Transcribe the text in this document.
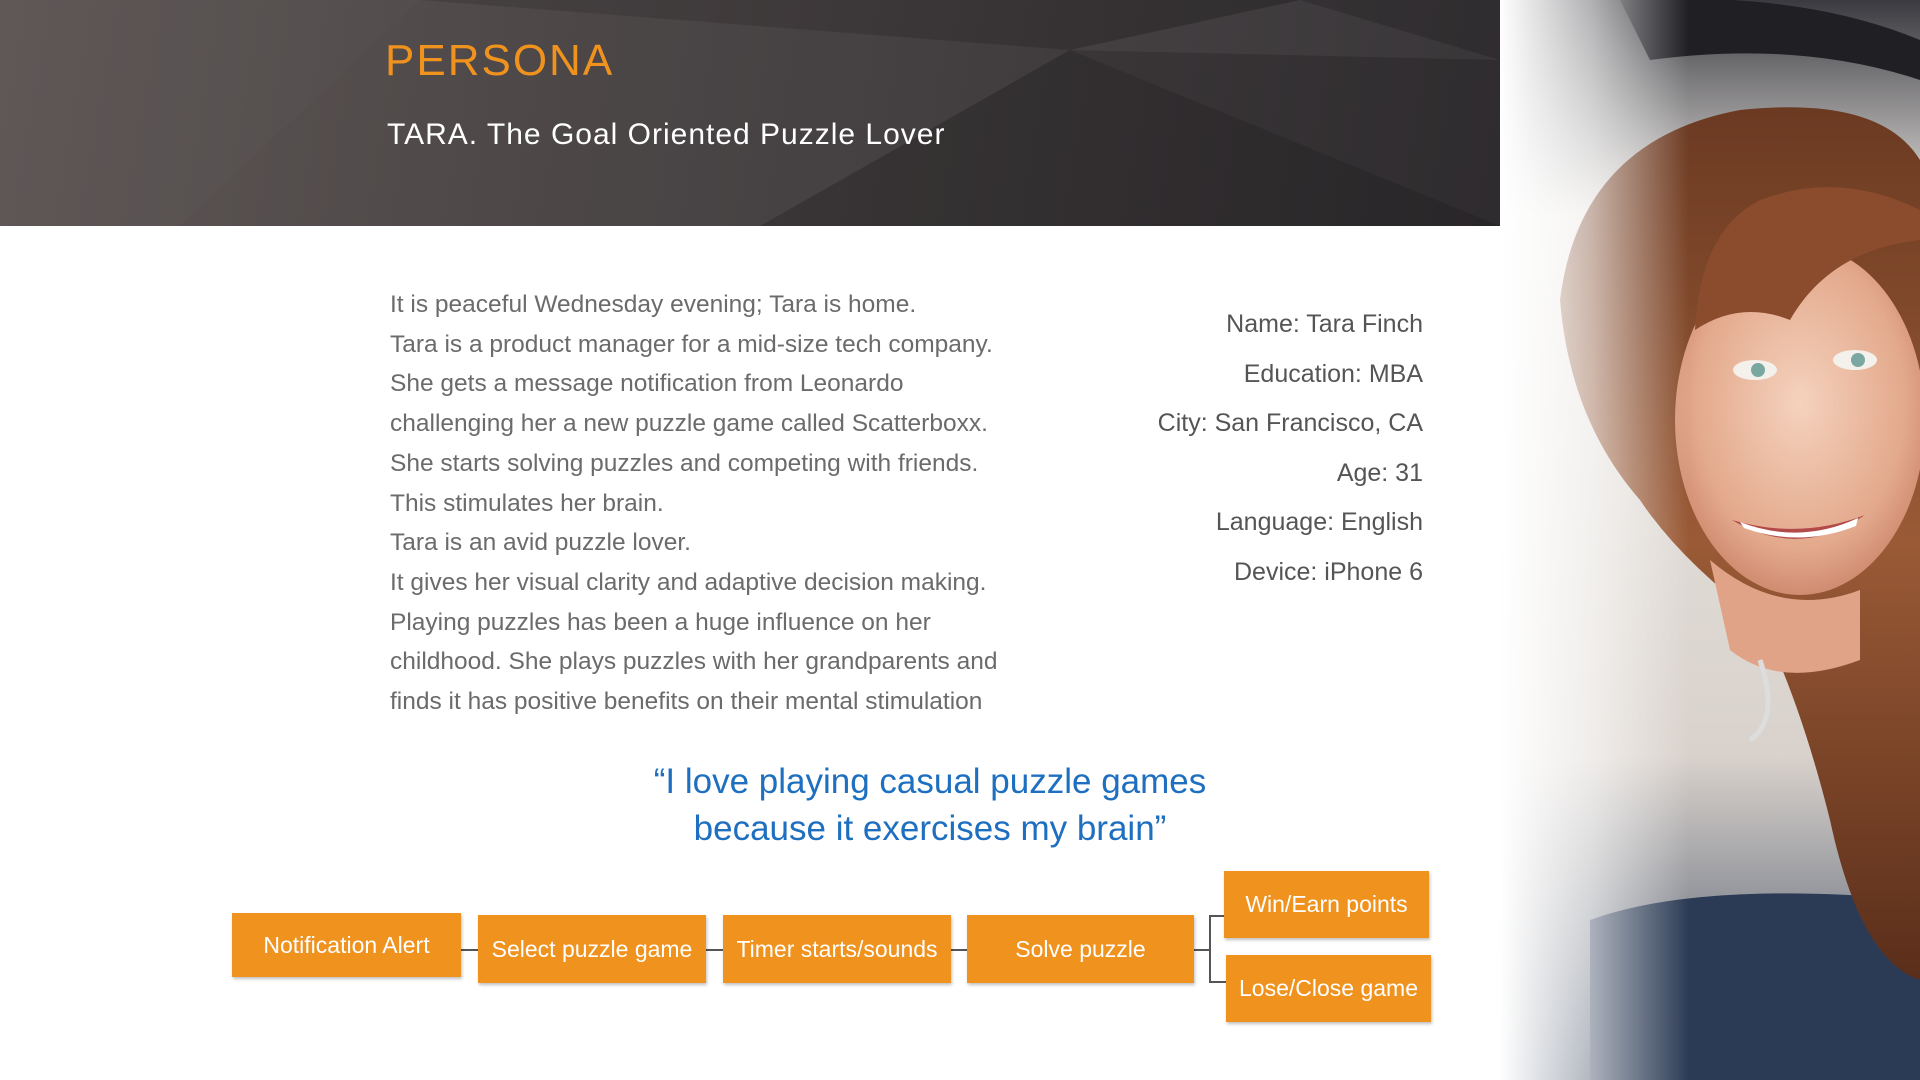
PERSONA
TARA. The Goal Oriented Puzzle Lover

It is peaceful Wednesday evening; Tara is home.

Tara is a product manager for a mid-size tech company.

She gets a message notification from Leonardo

challenging her a new puzzle game called Scatterboxx.

She starts solving puzzles and competing with friends.

This stimulates her brain.

Tara is an avid puzzle lover.

It gives her visual clarity and adaptive decision making.

Playing puzzles has been a huge influence on her

childhood. She plays puzzles with her grandparents and

finds it has positive benefits on their mental stimulation

Name: Tara Finch
Education: MBA
City: San Francisco, CA
Age: 31
Language: English
Device: iPhone 6
“I love playing casual puzzle games
because it exercises my brain”
Notification Alert	Select puzzle game	Timer starts/sounds	Solve puzzle
Win/Earn points
Lose/Close game
